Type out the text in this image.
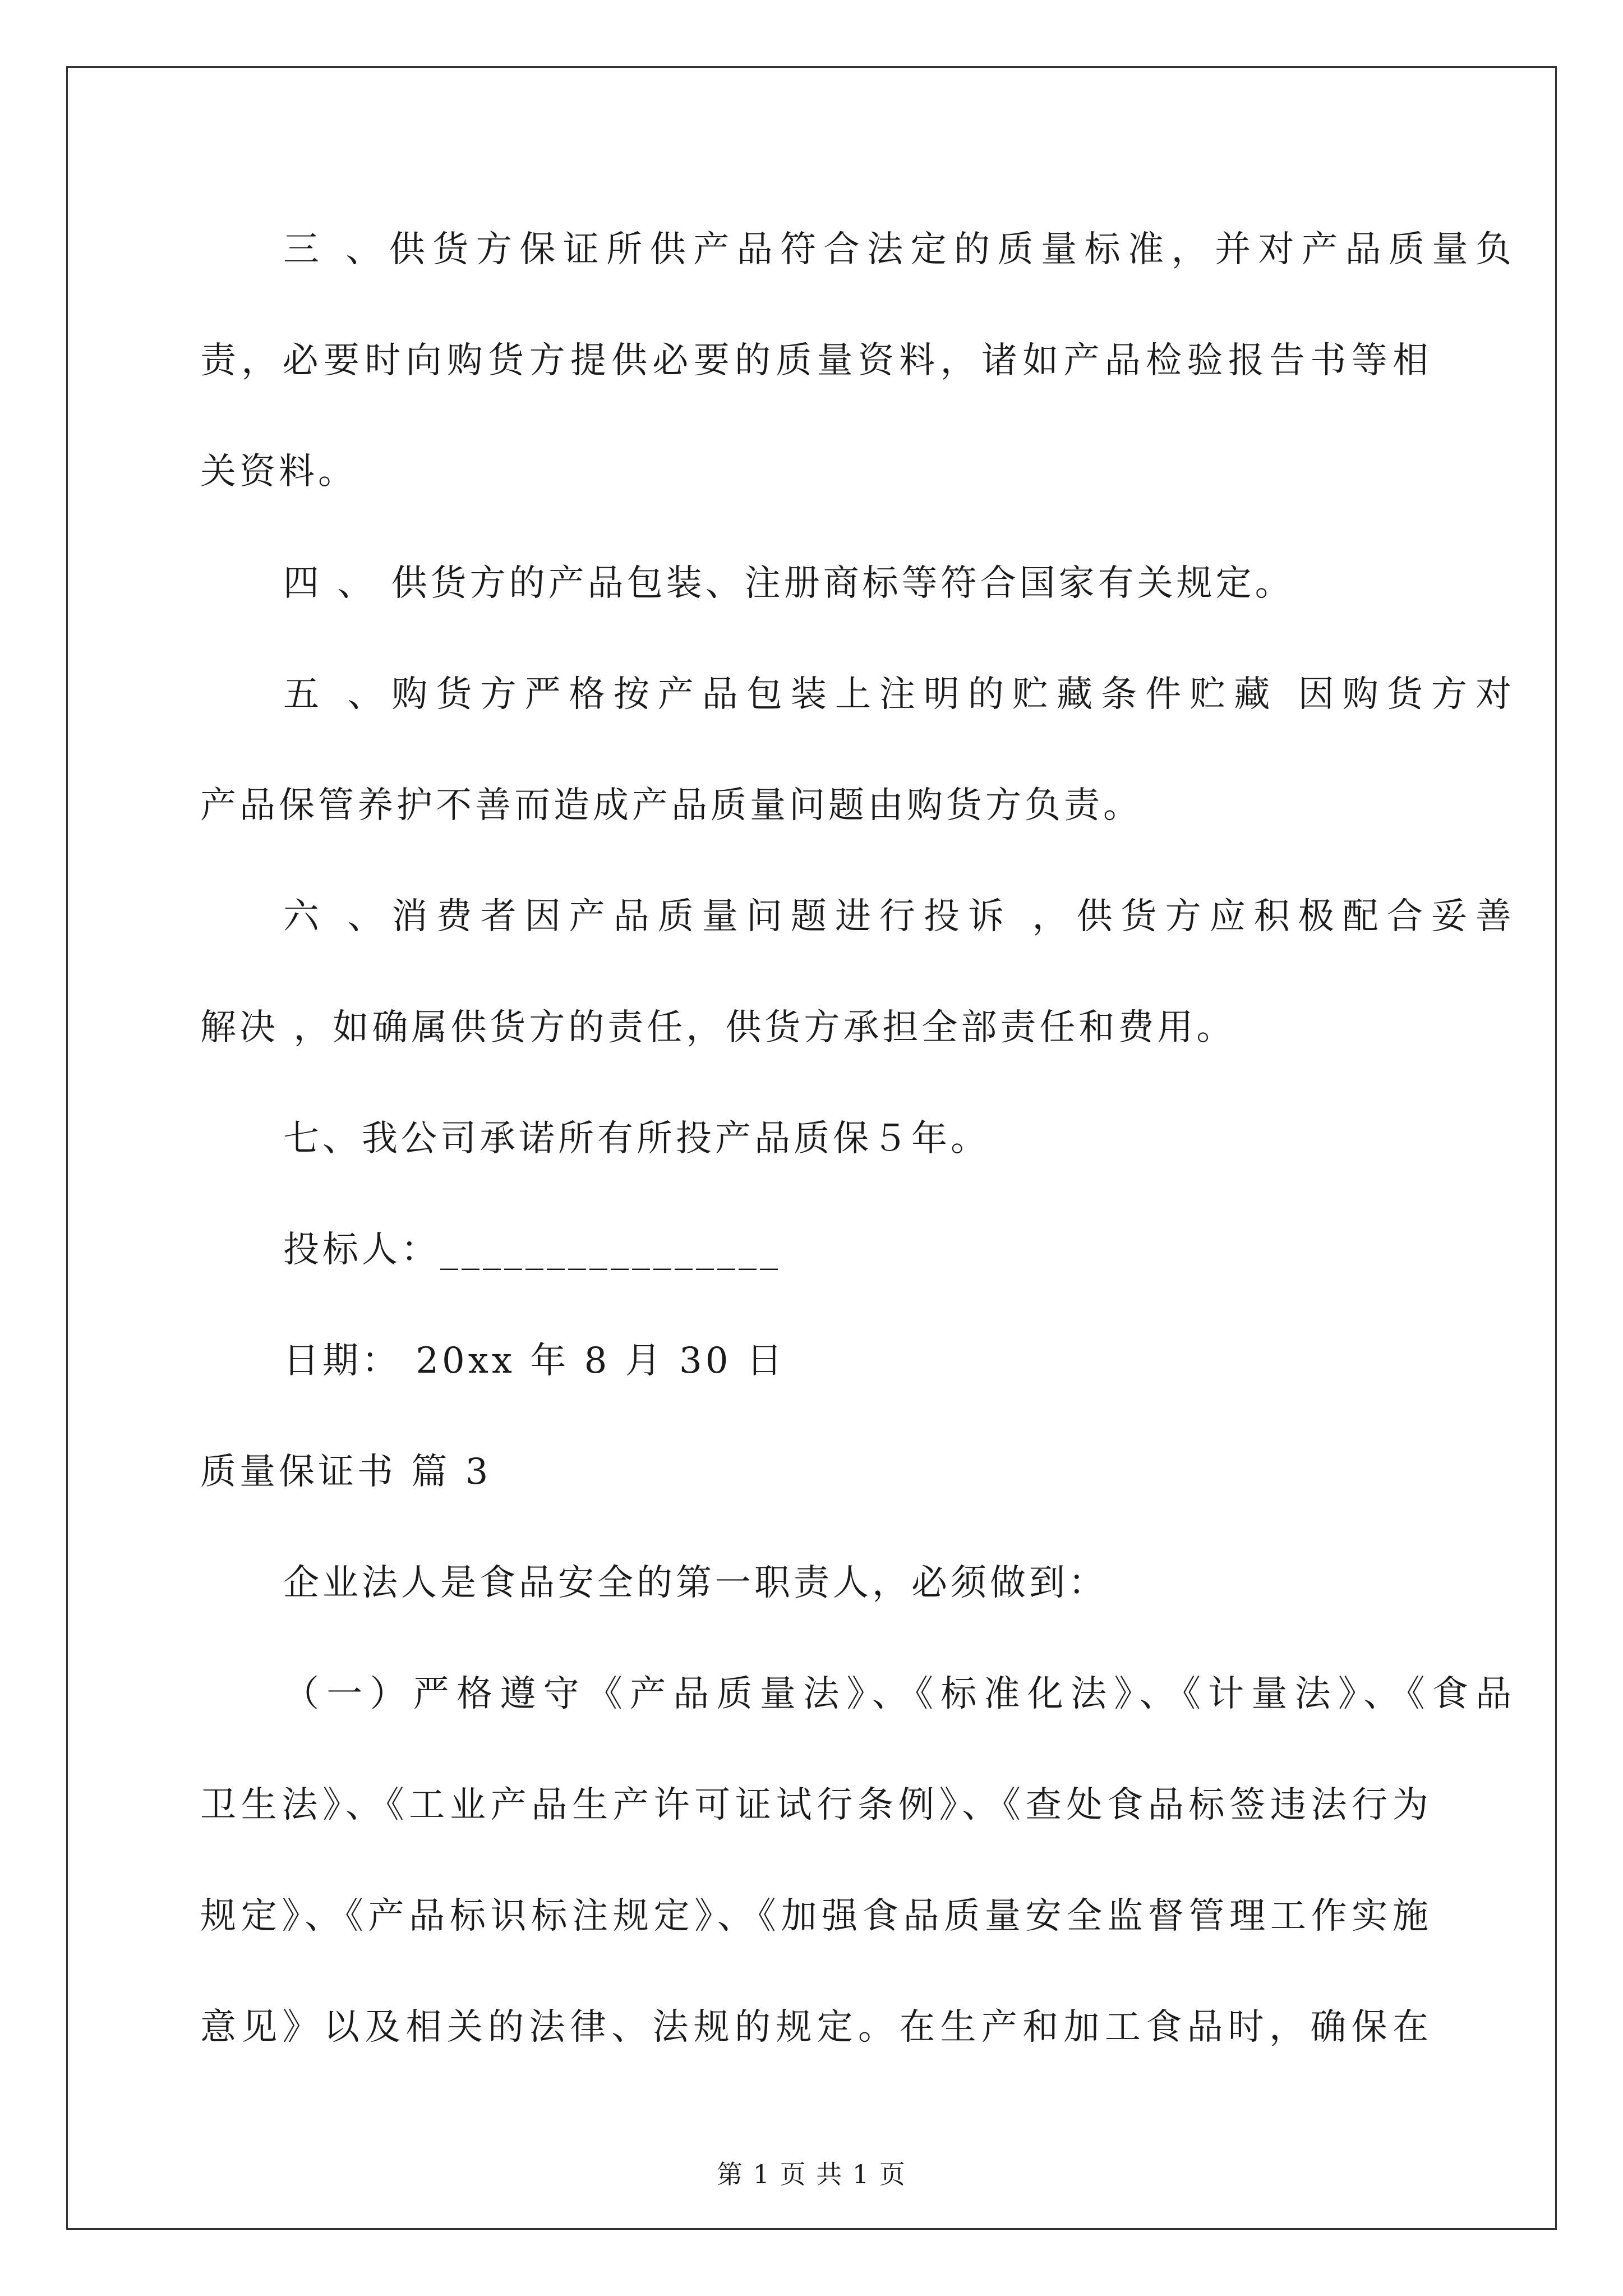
三 、供货方保证所供产品符合法定的质量标准，并对产品质量负
责，必要时向购货方提供必要的质量资料，诸如产品检验报告书等相
关资料。
四 、 供货方的产品包装、注册商标等符合国家有关规定。
五 、购货方严格按产品包装上注明的贮藏条件贮藏 因购货方对
产品保管养护不善而造成产品质量问题由购货方负责。
六 、消费者因产品质量问题进行投诉 ，供货方应积极配合妥善
解决 ，如确属供货方的责任，供货方承担全部责任和费用。
七、我公司承诺所有所投产品质保５年。
投标人：________________
日期： 20xx 年 8 月 30 日
质量保证书 篇 3
企业法人是食品安全的第一职责人，必须做到：
（一）严格遵守《产品质量法》、《标准化法》、《计量法》、《食品
卫生法》、《工业产品生产许可证试行条例》、《查处食品标签违法行为
规定》、《产品标识标注规定》、《加强食品质量安全监督管理工作实施
意见》以及相关的法律、法规的规定。在生产和加工食品时，确保在
第 1 页 共 1 页
